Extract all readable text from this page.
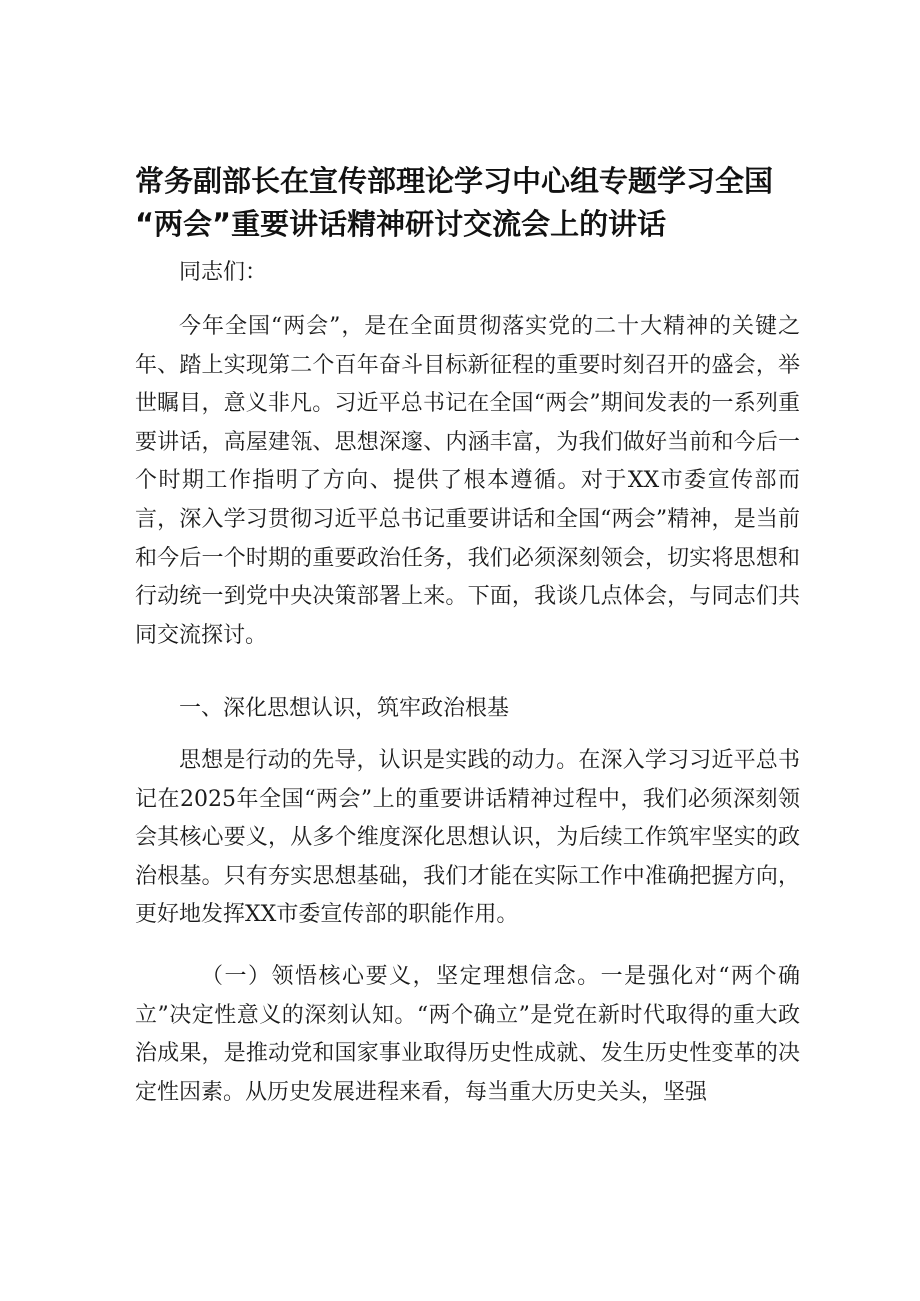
常务副部长在宣传部理论学习中心组专题学习全国
“两会”重要讲话精神研讨交流会上的讲话

同志们：

今年全国“两会”，是在全面贯彻落实党的二十大精神的关键之年、踏上实现第二个百年奋斗目标新征程的重要时刻召开的盛会，举世瞩目，意义非凡。习近平总书记在全国“两会”期间发表的一系列重要讲话，高屋建瓴、思想深邃、内涵丰富，为我们做好当前和今后一个时期工作指明了方向、提供了根本遵循。对于XX市委宣传部而言，深入学习贯彻习近平总书记重要讲话和全国“两会”精神，是当前和今后一个时期的重要政治任务，我们必须深刻领会，切实将思想和行动统一到党中央决策部署上来。下面，我谈几点体会，与同志们共同交流探讨。

一、深化思想认识，筑牢政治根基

思想是行动的先导，认识是实践的动力。在深入学习习近平总书记在2025年全国“两会”上的重要讲话精神过程中，我们必须深刻领会其核心要义，从多个维度深化思想认识，为后续工作筑牢坚实的政治根基。只有夯实思想基础，我们才能在实际工作中准确把握方向，更好地发挥XX市委宣传部的职能作用。

（一）领悟核心要义，坚定理想信念。一是强化对“两个确立”决定性意义的深刻认知。“两个确立”是党在新时代取得的重大政治成果，是推动党和国家事业取得历史性成就、发生历史性变革的决定性因素。从历史发展进程来看，每当重大历史关头，坚强
